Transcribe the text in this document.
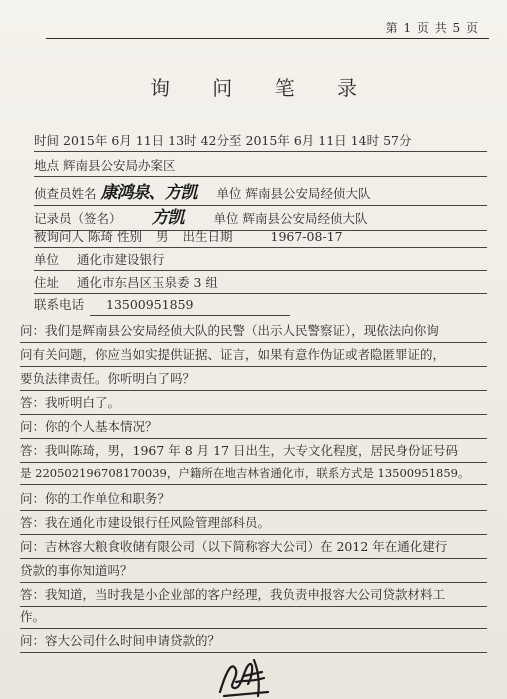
第 1 页 共 5 页
询 问 笔 录
时间 2015年 6月 11日 13时 42分至 2015年 6月 11日 14时 57分
地点 辉南县公安局办案区
侦查员姓名 康鸿泉、方凯 单位 辉南县公安局经侦大队
记录员（签名） 方凯 单位 辉南县公安局经侦大队
被询问人 陈琦 性别 男 出生日期	1967-08-17
单位 通化市建设银行
住址 通化市东昌区玉泉委 3 组
联系电话 13500951859
问：我们是辉南县公安局经侦大队的民警（出示人民警察证），现依法向你询
问有关问题，你应当如实提供证据、证言，如果有意作伪证或者隐匿罪证的，
要负法律责任。你听明白了吗？
答：我听明白了。
问：你的个人基本情况？
答：我叫陈琦，男，1967 年 8 月 17 日出生，大专文化程度，居民身份证号码
是 220502196708170039，户籍所在地吉林省通化市，联系方式是 13500951859。
问：你的工作单位和职务？
答：我在通化市建设银行任风险管理部科员。
问：吉林容大粮食收储有限公司（以下简称容大公司）在 2012 年在通化建行
贷款的事你知道吗？
答：我知道，当时我是小企业部的客户经理，我负责申报容大公司贷款材料工
作。
问：容大公司什么时间申请贷款的？
